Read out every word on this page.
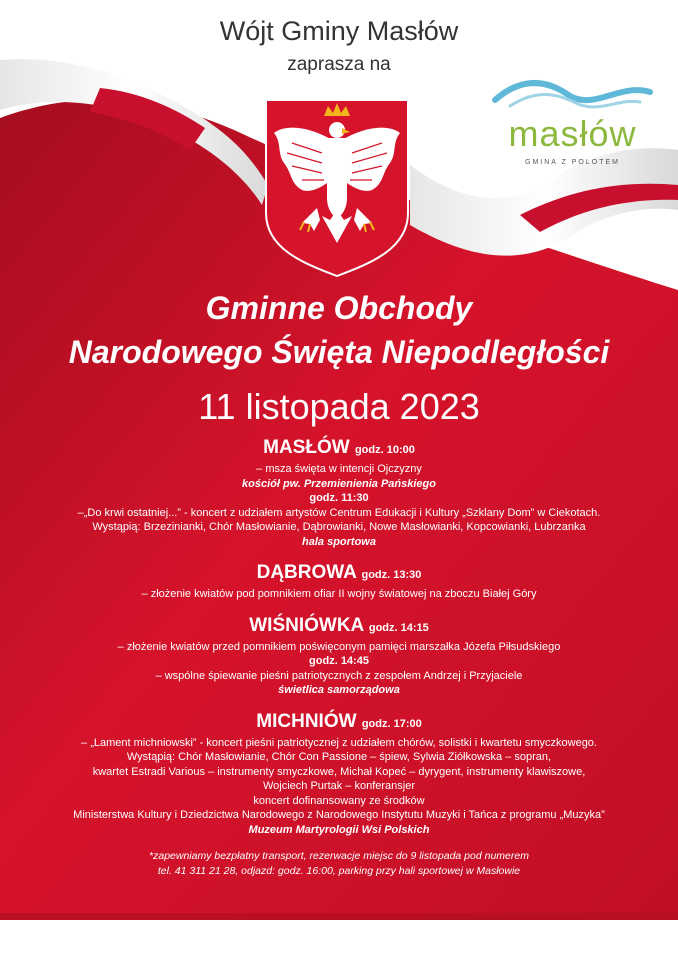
Wójt Gminy Masłów
zaprasza na
masłów
GMINA Z POLOTEM
Gminne Obchody
Narodowego Święta Niepodległości
11 listopada 2023
MASŁÓW godz. 10:00
– msza święta w intencji Ojczyzny
kościół pw. Przemienienia Pańskiego
godz. 11:30
–„Do krwi ostatniej...” - koncert z udziałem artystów Centrum Edukacji i Kultury „Szklany Dom” w Ciekotach.
Wystąpią: Brzezinianki, Chór Masłowianie, Dąbrowianki, Nowe Masłowianki, Kopcowianki, Lubrzanka
hala sportowa
DĄBROWA godz. 13:30
– złożenie kwiatów pod pomnikiem ofiar II wojny światowej na zboczu Białej Góry
WIŚNIÓWKA godz. 14:15
– złożenie kwiatów przed pomnikiem poświęconym pamięci marszałka Józefa Piłsudskiego
godz. 14:45
– wspólne śpiewanie pieśni patriotycznych z zespołem Andrzej i Przyjaciele
świetlica samorządowa
MICHNIÓW godz. 17:00
– „Lament michniowski” - koncert pieśni patriotycznej z udziałem chórów, solistki i kwartetu smyczkowego.
Wystąpią: Chór Masłowianie, Chór Con Passione – śpiew, Sylwia Ziółkowska – sopran,
kwartet Estradi Various – instrumenty smyczkowe, Michał Kopeć – dyrygent, instrumenty klawiszowe,
Wojciech Purtak – konferansjer
koncert dofinansowany ze środków
Ministerstwa Kultury i Dziedzictwa Narodowego z Narodowego Instytutu Muzyki i Tańca z programu „Muzyka”
Muzeum Martyrologii Wsi Polskich
*zapewniamy bezpłatny transport, rezerwacje miejsc do 9 listopada pod numerem
tel. 41 311 21 28, odjazd: godz. 16:00, parking przy hali sportowej w Masłowie
